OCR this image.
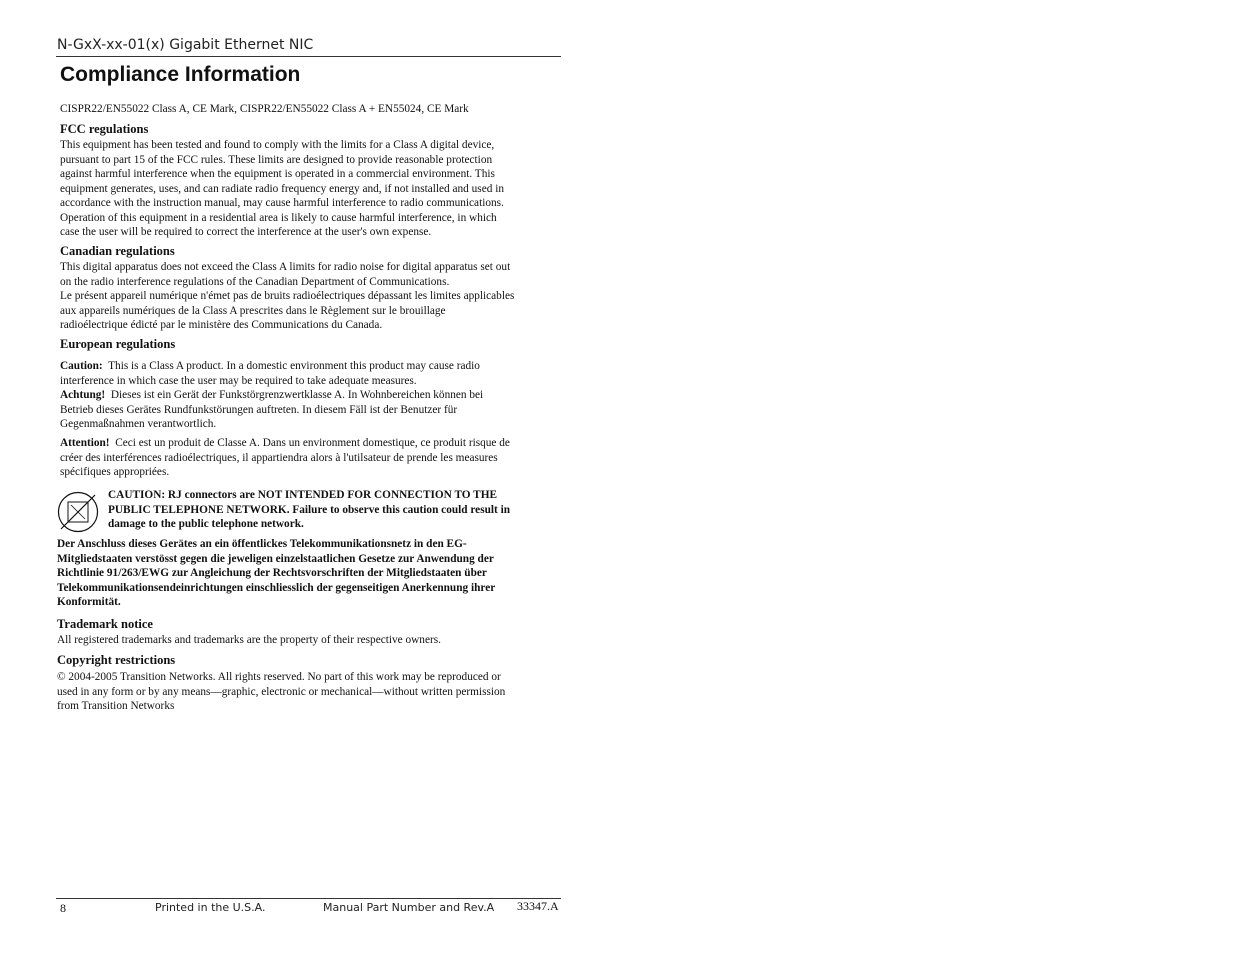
N-GxX-xx-01(x) Gigabit Ethernet NIC
Compliance Information
CISPR22/EN55022 Class A, CE Mark, CISPR22/EN55022 Class A + EN55024, CE Mark
FCC regulations
This equipment has been tested and found to comply with the limits for a Class A digital device,
pursuant to part 15 of the FCC rules. These limits are designed to provide reasonable protection
against harmful interference when the equipment is operated in a commercial environment. This
equipment generates, uses, and can radiate radio frequency energy and, if not installed and used in
accordance with the instruction manual, may cause harmful interference to radio communications.
Operation of this equipment in a residential area is likely to cause harmful interference, in which
case the user will be required to correct the interference at the user's own expense.
Canadian regulations
This digital apparatus does not exceed the Class A limits for radio noise for digital apparatus set out
on the radio interference regulations of the Canadian Department of Communications.
Le présent appareil numérique n'émet pas de bruits radioélectriques dépassant les limites applicables
aux appareils numériques de la Class A prescrites dans le Règlement sur le brouillage
radioélectrique édicté par le ministère des Communications du Canada.
European regulations
Caution: This is a Class A product. In a domestic environment this product may cause radio
interference in which case the user may be required to take adequate measures.
Achtung! Dieses ist ein Gerät der Funkstörgrenzwertklasse A. In Wohnbereichen können bei
Betrieb dieses Gerätes Rundfunkstörungen auftreten. In diesem Fäll ist der Benutzer für
Gegenmaßnahmen verantwortlich.
Attention! Ceci est un produit de Classe A. Dans un environment domestique, ce produit risque de
créer des interférences radioélectriques, il appartiendra alors à l'utilsateur de prende les measures
spécifiques appropriées.
CAUTION: RJ connectors are NOT INTENDED FOR CONNECTION TO THE
PUBLIC TELEPHONE NETWORK. Failure to observe this caution could result in
damage to the public telephone network.
Der Anschluss dieses Gerätes an ein öffentlickes Telekommunikationsnetz in den EG-
Mitgliedstaaten verstösst gegen die jeweligen einzelstaatlichen Gesetze zur Anwendung der
Richtlinie 91/263/EWG zur Angleichung der Rechtsvorschriften der Mitgliedstaaten über
Telekommunikationsendeinrichtungen einschliesslich der gegenseitigen Anerkennung ihrer
Konformität.
Trademark notice
All registered trademarks and trademarks are the property of their respective owners.
Copyright restrictions
© 2004-2005 Transition Networks. All rights reserved. No part of this work may be reproduced or
used in any form or by any means—graphic, electronic or mechanical—without written permission
from Transition Networks
8	Printed in the U.S.A.	Manual Part Number and Rev.A 33347.A
